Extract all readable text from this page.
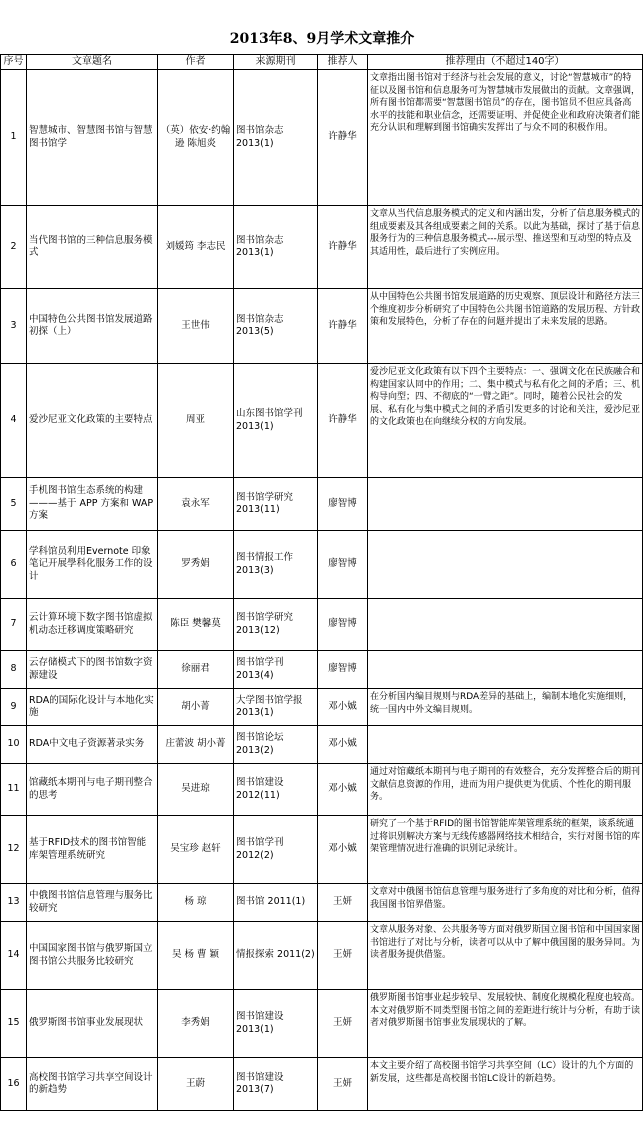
2013年8、9月学术文章推介
序号	文章题名	作者	来源期刊	推荐人	推荐理由（不超过140字）
1	智慧城市、智慧图书馆与智慧图书馆学	（英）依安·约翰逊 陈旭炎	图书馆杂志 2013(1)	许静华	文章指出图书馆对于经济与社会发展的意义，讨论“智慧城市”的特征以及图书馆和信息服务可为智慧城市发展做出的贡献。文章强调，所有图书馆都需要“智慧图书馆员”的存在，图书馆员不但应具备高水平的技能和职业信念，还需要证明、并促使企业和政府决策者们能充分认识和理解到图书馆确实发挥出了与众不同的积极作用。
2	当代图书馆的三种信息服务模式	刘媛筠 李志民	图书馆杂志 2013(1)	许静华	文章从当代信息服务模式的定义和内涵出发，分析了信息服务模式的组成要素及其各组成要素之间的关系。以此为基础，探讨了基于信息服务行为的三种信息服务模式---展示型、推送型和互动型的特点及其适用性，最后进行了实例应用。
3	中国特色公共图书馆发展道路初探（上）	王世伟	图书馆杂志 2013(5)	许静华	从中国特色公共图书馆发展道路的历史观察、顶层设计和路径方法三个维度初步分析研究了中国特色公共图书馆道路的发展历程、方针政策和发展特色，分析了存在的问题并提出了未来发展的思路。
4	爱沙尼亚文化政策的主要特点	周亚	山东图书馆学刊 2013(1)	许静华	爱沙尼亚文化政策有以下四个主要特点：一、强调文化在民族融合和构建国家认同中的作用；二、集中模式与私有化之间的矛盾；三、机构导向型；四、不彻底的“一臂之距”。同时，随着公民社会的发展、私有化与集中模式之间的矛盾引发更多的讨论和关注，爱沙尼亚的文化政策也在向继续分权的方向发展。
5	手机图书馆生态系统的构建———基于 APP 方案和 WAP 方案	袁永军	图书馆学研究 2013(11)	廖智博	
6	学科馆员利用Evernote 印象笔记开展學科化服务工作的设计	罗秀娟	图书情报工作 2013(3)	廖智博	
7	云计算环境下数字图书馆虚拟机动态迁移调度策略研究	陈臣 樊馨莫	图书馆学研究 2013(12)	廖智博	
8	云存储模式下的图书馆数字资源建设	徐丽君	图书馆学刊 2013(4)	廖智博	
9	RDA的国际化设计与本地化实施	胡小菁	大学图书馆学报 2013(1)	邓小娍	在分析国内编目规则与RDA差异的基础上，编制本地化实施细则，统一国内中外文编目规则。
10	RDA中文电子资源著录实务	庄蕾波 胡小菁	图书馆论坛 2013(2)	邓小娍	
11	馆藏纸本期刊与电子期刊整合的思考	吴进琼	图书馆建设 2012(11)	邓小娍	通过对馆藏纸本期刊与电子期刊的有效整合，充分发挥整合后的期刊文献信息资源的作用，进而为用户提供更为优质、个性化的期刊服务。
12	基于RFID技术的图书馆智能库架管理系统研究	吴宝珍 赵轩	图书馆学刊 2012(2)	邓小娍	研究了一个基于RFID的图书馆智能库架管理系统的框架，该系统通过将识别解决方案与无线传感器网络技术相结合，实行对图书馆的库架管理情况进行准确的识别记录统计。
13	中俄图书馆信息管理与服务比较研究	杨 琼	图书馆 2011(1)	王妍	文章对中俄图书馆信息管理与服务进行了多角度的对比和分析，值得我国图书馆界借鉴。
14	中国国家图书馆与俄罗斯国立图书馆公共服务比较研究	吴 杨 曹 颖	情报探索 2011(2)	王妍	文章从服务对象、公共服务等方面对俄罗斯国立图书馆和中国国家图书馆进行了对比与分析，读者可以从中了解中俄国图的服务异同。为读者服务提供借鉴。
15	俄罗斯图书馆事业发展现状	李秀娟	图书馆建设 2013(1)	王妍	俄罗斯图书馆事业起步较早、发展较快、制度化规模化程度也较高。本文对俄罗斯不同类型图书馆之间的差距进行统计与分析，有助于读者对俄罗斯图书馆事业发展现状的了解。
16	高校图书馆学习共享空间设计的新趋势	王蔚	图书馆建设 2013(7)	王妍	本文主要介绍了高校图书馆学习共享空间（LC）设计的九个方面的新发展，这些都是高校图书馆LC设计的新趋势。
